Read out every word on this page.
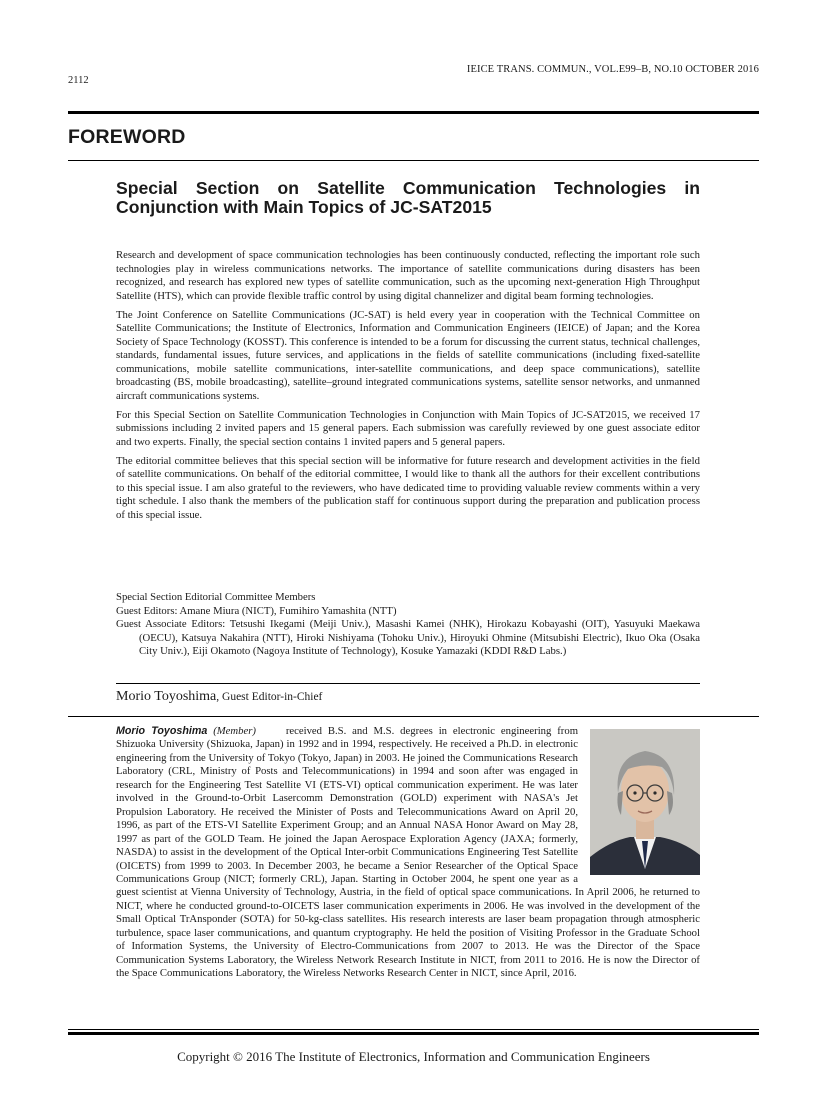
IEICE TRANS. COMMUN., VOL.E99–B, NO.10 OCTOBER 2016
2112
FOREWORD
Special Section on Satellite Communication Technologies in Conjunction with Main Topics of JC-SAT2015

Research and development of space communication technologies has been continuously conducted, reflecting the important role such technologies play in wireless communications networks. The importance of satellite communications during disasters has been recognized, and research has explored new types of satellite communication, such as the upcoming next-generation High Throughput Satellite (HTS), which can provide flexible traffic control by using digital channelizer and digital beam forming technologies.

The Joint Conference on Satellite Communications (JC-SAT) is held every year in cooperation with the Technical Committee on Satellite Communications; the Institute of Electronics, Information and Communication Engineers (IEICE) of Japan; and the Korea Society of Space Technology (KOSST). This conference is intended to be a forum for discussing the current status, technical challenges, standards, fundamental issues, future services, and applications in the fields of satellite communications (including fixed-satellite communications, mobile satellite communications, inter-satellite communications, and deep space communications), satellite broadcasting (BS, mobile broadcasting), satellite–ground integrated communications systems, satellite sensor networks, and unmanned aircraft communications systems.

For this Special Section on Satellite Communication Technologies in Conjunction with Main Topics of JC-SAT2015, we received 17 submissions including 2 invited papers and 15 general papers. Each submission was carefully reviewed by one guest associate editor and two experts. Finally, the special section contains 1 invited papers and 5 general papers.

The editorial committee believes that this special section will be informative for future research and development activities in the field of satellite communications. On behalf of the editorial committee, I would like to thank all the authors for their excellent contributions to this special issue. I am also grateful to the reviewers, who have dedicated time to providing valuable review comments within a very tight schedule. I also thank the members of the publication staff for continuous support during the preparation and publication process of this special issue.

Special Section Editorial Committee Members
Guest Editors: Amane Miura (NICT), Fumihiro Yamashita (NTT)
Guest Associate Editors: Tetsushi Ikegami (Meiji Univ.), Masashi Kamei (NHK), Hirokazu Kobayashi (OIT), Yasuyuki Maekawa (OECU), Katsuya Nakahira (NTT), Hiroki Nishiyama (Tohoku Univ.), Hiroyuki Ohmine (Mitsubishi Electric), Ikuo Oka (Osaka City Univ.), Eiji Okamoto (Nagoya Institute of Technology), Kosuke Yamazaki (KDDI R&D Labs.)
Morio Toyoshima, Guest Editor-in-Chief
Morio Toyoshima (Member)	received B.S. and M.S. degrees in electronic engineering from Shizuoka University (Shizuoka, Japan) in 1992 and in 1994, respectively. He received a Ph.D. in electronic engineering from the University of Tokyo (Tokyo, Japan) in 2003. He joined the Communications Research Laboratory (CRL, Ministry of Posts and Telecommunications) in 1994 and soon after was engaged in research for the Engineering Test Satellite VI (ETS-VI) optical communication experiment. He was later involved in the Ground-to-Orbit Lasercomm Demonstration (GOLD) experiment with NASA's Jet Propulsion Laboratory. He received the Minister of Posts and Telecommunications Award on April 20, 1996, as part of the ETS-VI Satellite Experiment Group; and an Annual NASA Honor Award on May 28, 1997 as part of the GOLD Team. He joined the Japan Aerospace Exploration Agency (JAXA; formerly, NASDA) to assist in the development of the Optical Inter-orbit Communications Engineering Test Satellite (OICETS) from 1999 to 2003. In December 2003, he became a Senior Researcher of the Optical Space Communications Group (NICT; formerly CRL), Japan. Starting in October 2004, he spent one year as a guest scientist at Vienna University of Technology, Austria, in the field of optical space communications. In April 2006, he returned to NICT, where he conducted ground-to-OICETS laser communication experiments in 2006. He was involved in the development of the Small Optical TrAnsponder (SOTA) for 50-kg-class satellites. His research interests are laser beam propagation through atmospheric turbulence, space laser communications, and quantum cryptography. He held the position of Visiting Professor in the Graduate School of Information Systems, the University of Electro-Communications from 2007 to 2013. He was the Director of the Space Communication Systems Laboratory, the Wireless Network Research Institute in NICT, from 2011 to 2016. He is now the Director of the Space Communications Laboratory, the Wireless Networks Research Center in NICT, since April, 2016.
Copyright © 2016 The Institute of Electronics, Information and Communication Engineers
